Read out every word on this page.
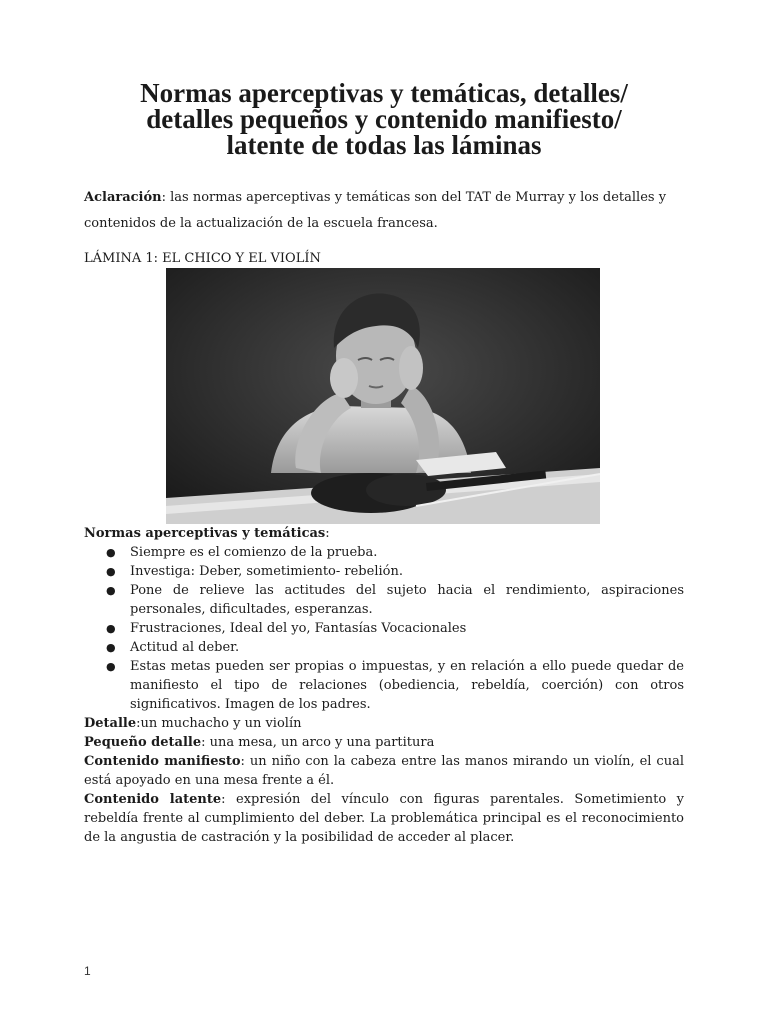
Normas aperceptivas y temáticas, detalles/
detalles pequeños y contenido manifiesto/
latente de todas las láminas
Aclaración: las normas aperceptivas y temáticas son del TAT de Murray y los detalles y contenidos de la actualización de la escuela francesa.
LÁMINA 1: EL CHICO Y EL VIOLÍN
Normas aperceptivas y temáticas:
● Siempre es el comienzo de la prueba.
● Investiga: Deber, sometimiento- rebelión.
● Pone de relieve las actitudes del sujeto hacia el rendimiento, aspiraciones personales, dificultades, esperanzas.
● Frustraciones, Ideal del yo, Fantasías Vocacionales
● Actitud al deber.
● Estas metas pueden ser propias o impuestas, y en relación a ello puede quedar de manifiesto el tipo de relaciones (obediencia, rebeldía, coerción) con otros significativos. Imagen de los padres.

Detalle:un muchacho y un violín

Pequeño detalle: una mesa, un arco y una partitura

Contenido manifiesto: un niño con la cabeza entre las manos mirando un violín, el cual está apoyado en una mesa frente a él.

Contenido latente: expresión del vínculo con figuras parentales. Sometimiento y rebeldía frente al cumplimiento del deber. La problemática principal es el reconocimiento de la angustia de castración y la posibilidad de acceder al placer.

1
